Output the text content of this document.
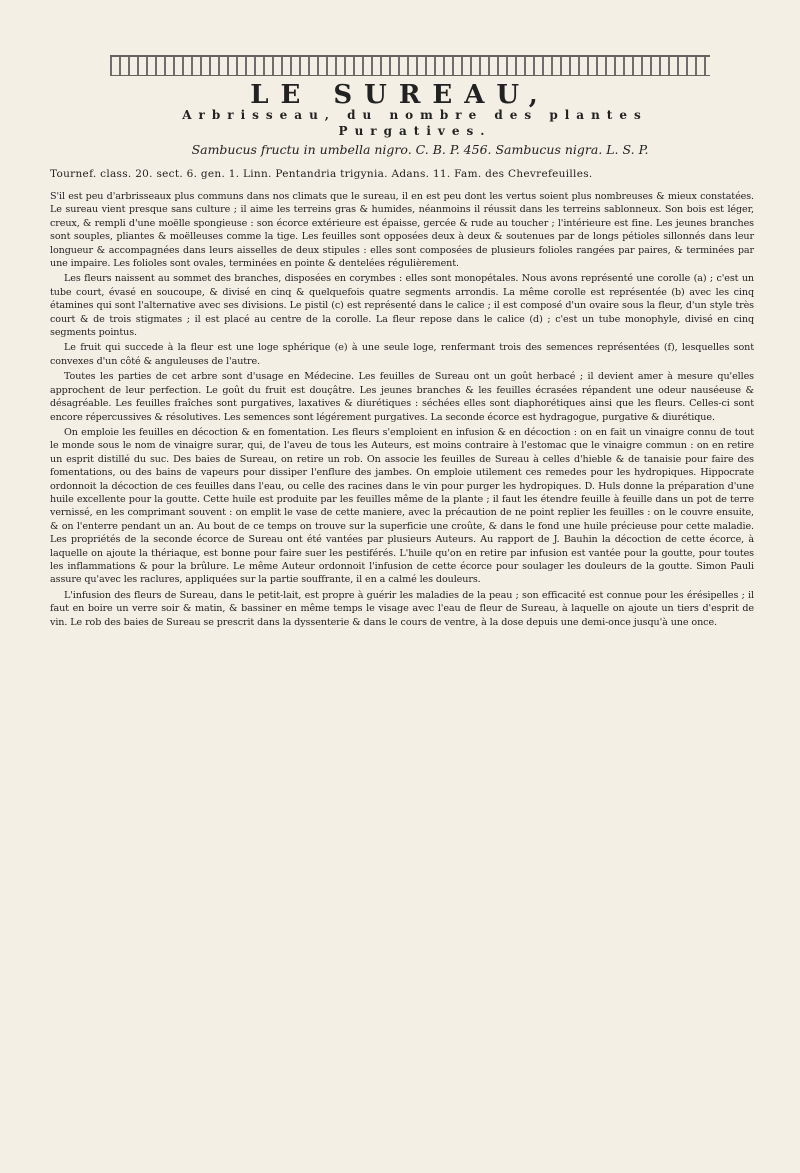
LE SUREAU,
Arbrisseau, du nombre des plantes Purgatives.
Sambucus fructu in umbella nigro. C. B. P. 456. Sambucus nigra. L. S. P.
Tournef. class. 20. sect. 6. gen. 1. Linn. Pentandria trigynia. Adans. 11. Fam. des Chevrefeuilles.

S'il est peu d'arbrisseaux plus communs dans nos climats que le sureau, il en est peu dont les vertus soient plus nombreuses & mieux constatées. Le sureau vient presque sans culture ; il aime les terreins gras & humides, néanmoins il réussit dans les terreins sablonneux. Son bois est léger, creux, & rempli d'une moëlle spongieuse : son écorce extérieure est épaisse, gercée & rude au toucher ; l'intérieure est fine. Les jeunes branches sont souples, pliantes & moëlleuses comme la tige. Les feuilles sont opposées deux à deux & soutenues par de longs pétioles sillonnés dans leur longueur & accompagnées dans leurs aisselles de deux stipules : elles sont composées de plusieurs folioles rangées par paires, & terminées par une impaire. Les folioles sont ovales, terminées en pointe & dentelées régulièrement.

Les fleurs naissent au sommet des branches, disposées en corymbes : elles sont monopétales. Nous avons représenté une corolle (a) ; c'est un tube court, évasé en soucoupe, & divisé en cinq & quelquefois quatre segments arrondis. La même corolle est représentée (b) avec les cinq étamines qui sont l'alternative avec ses divisions. Le pistil (c) est représenté dans le calice ; il est composé d'un ovaire sous la fleur, d'un style très court & de trois stigmates ; il est placé au centre de la corolle. La fleur repose dans le calice (d) ; c'est un tube monophyle, divisé en cinq segments pointus.

Le fruit qui succede à la fleur est une loge sphérique (e) à une seule loge, renfermant trois des semences représentées (f), lesquelles sont convexes d'un côté & anguleuses de l'autre.

Toutes les parties de cet arbre sont d'usage en Médecine. Les feuilles de Sureau ont un goût herbacé ; il devient amer à mesure qu'elles approchent de leur perfection. Le goût du fruit est douçâtre. Les jeunes branches & les feuilles écrasées répandent une odeur nauséeuse & désagréable. Les feuilles fraîches sont purgatives, laxatives & diurétiques : séchées elles sont diaphorétiques ainsi que les fleurs. Celles-ci sont encore répercussives & résolutives. Les semences sont légérement purgatives. La seconde écorce est hydragogue, purgative & diurétique.

On emploie les feuilles en décoction & en fomentation. Les fleurs s'emploient en infusion & en décoction : on en fait un vinaigre connu de tout le monde sous le nom de vinaigre surar, qui, de l'aveu de tous les Auteurs, est moins contraire à l'estomac que le vinaigre commun : on en retire un esprit distillé du suc. Des baies de Sureau, on retire un rob. On associe les feuilles de Sureau à celles d'hieble & de tanaisie pour faire des fomentations, ou des bains de vapeurs pour dissiper l'enflure des jambes. On emploie utilement ces remedes pour les hydropiques. Hippocrate ordonnoit la décoction de ces feuilles dans l'eau, ou celle des racines dans le vin pour purger les hydropiques. D. Huls donne la préparation d'une huile excellente pour la goutte. Cette huile est produite par les feuilles même de la plante ; il faut les étendre feuille à feuille dans un pot de terre vernissé, en les comprimant souvent : on emplit le vase de cette maniere, avec la précaution de ne point replier les feuilles : on le couvre ensuite, & on l'enterre pendant un an. Au bout de ce temps on trouve sur la superficie une croûte, & dans le fond une huile précieuse pour cette maladie. Les propriétés de la seconde écorce de Sureau ont été vantées par plusieurs Auteurs. Au rapport de J. Bauhin la décoction de cette écorce, à laquelle on ajoute la thériaque, est bonne pour faire suer les pestiférés. L'huile qu'on en retire par infusion est vantée pour la goutte, pour toutes les inflammations & pour la brûlure. Le même Auteur ordonnoit l'infusion de cette écorce pour soulager les douleurs de la goutte. Simon Pauli assure qu'avec les raclures, appliquées sur la partie souffrante, il en a calmé les douleurs.

L'infusion des fleurs de Sureau, dans le petit-lait, est propre à guérir les maladies de la peau ; son efficacité est connue pour les érésipelles ; il faut en boire un verre soir & matin, & bassiner en même temps le visage avec l'eau de fleur de Sureau, à laquelle on ajoute un tiers d'esprit de vin. Le rob des baies de Sureau se prescrit dans la dyssenterie & dans le cours de ventre, à la dose depuis une demi-once jusqu'à une once.
